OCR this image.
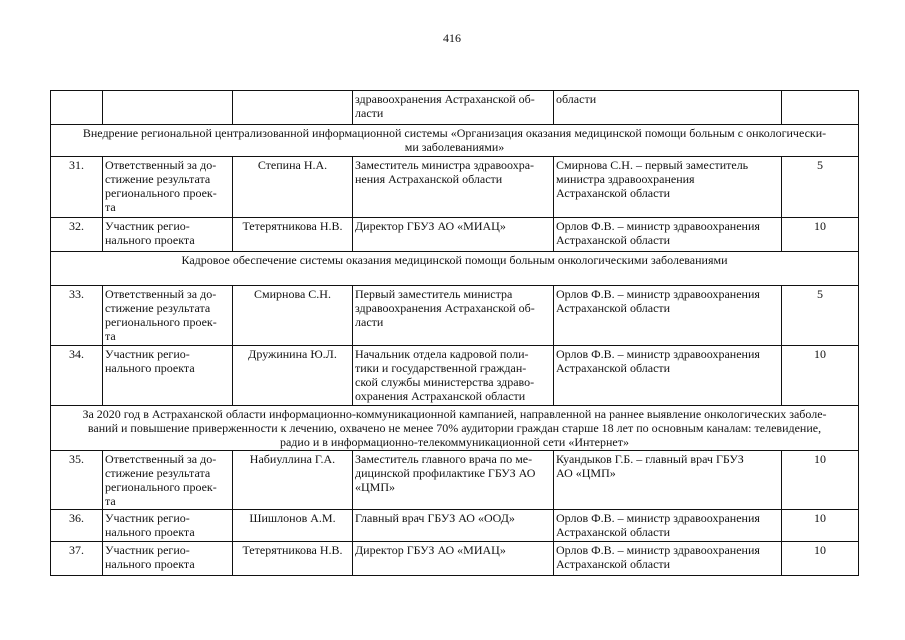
416
			здравоохранения Астраханской об-
ласти	области	
Внедрение региональной централизованной информационной системы «Организация оказания медицинской помощи больным с онкологически-
ми заболеваниями»					
31.	Ответственный за до-
стижение результата
регионального проек-
та	Степина Н.А.	Заместитель министра здравоохра-
нения Астраханской области	Смирнова С.Н. – первый заместитель
министра здравоохранения
Астраханской области	5
32.	Участник регио-
нального проекта	Тетерятникова Н.В.	Директор ГБУЗ АО «МИАЦ»	Орлов Ф.В. – министр здравоохранения
Астраханской области	10
Кадровое обеспечение системы оказания медицинской помощи больным онкологическими заболеваниями					
33.	Ответственный за до-
стижение результата
регионального проек-
та	Смирнова С.Н.	Первый заместитель министра
здравоохранения Астраханской об-
ласти	Орлов Ф.В. – министр здравоохранения
Астраханской области	5
34.	Участник регио-
нального проекта	Дружинина Ю.Л.	Начальник отдела кадровой поли-
тики и государственной граждан-
ской службы министерства здраво-
охранения Астраханской области	Орлов Ф.В. – министр здравоохранения
Астраханской области	10
За 2020 год в Астраханской области информационно-коммуникационной кампанией, направленной на раннее выявление онкологических заболе-
ваний и повышение приверженности к лечению, охвачено не менее 70% аудитории граждан старше 18 лет по основным каналам: телевидение,
радио и в информационно-телекоммуникационной сети «Интернет»					
35.	Ответственный за до-
стижение результата
регионального проек-
та	Набиуллина Г.А.	Заместитель главного врача по ме-
дицинской профилактике ГБУЗ АО
«ЦМП»	Куандыков Г.Б. – главный врач ГБУЗ
АО «ЦМП»	10
36.	Участник регио-
нального проекта	Шишлонов А.М.	Главный врач ГБУЗ АО «ООД»	Орлов Ф.В. – министр здравоохранения
Астраханской области	10
37.	Участник регио-
нального проекта	Тетерятникова Н.В.	Директор ГБУЗ АО «МИАЦ»	Орлов Ф.В. – министр здравоохранения
Астраханской области	10
